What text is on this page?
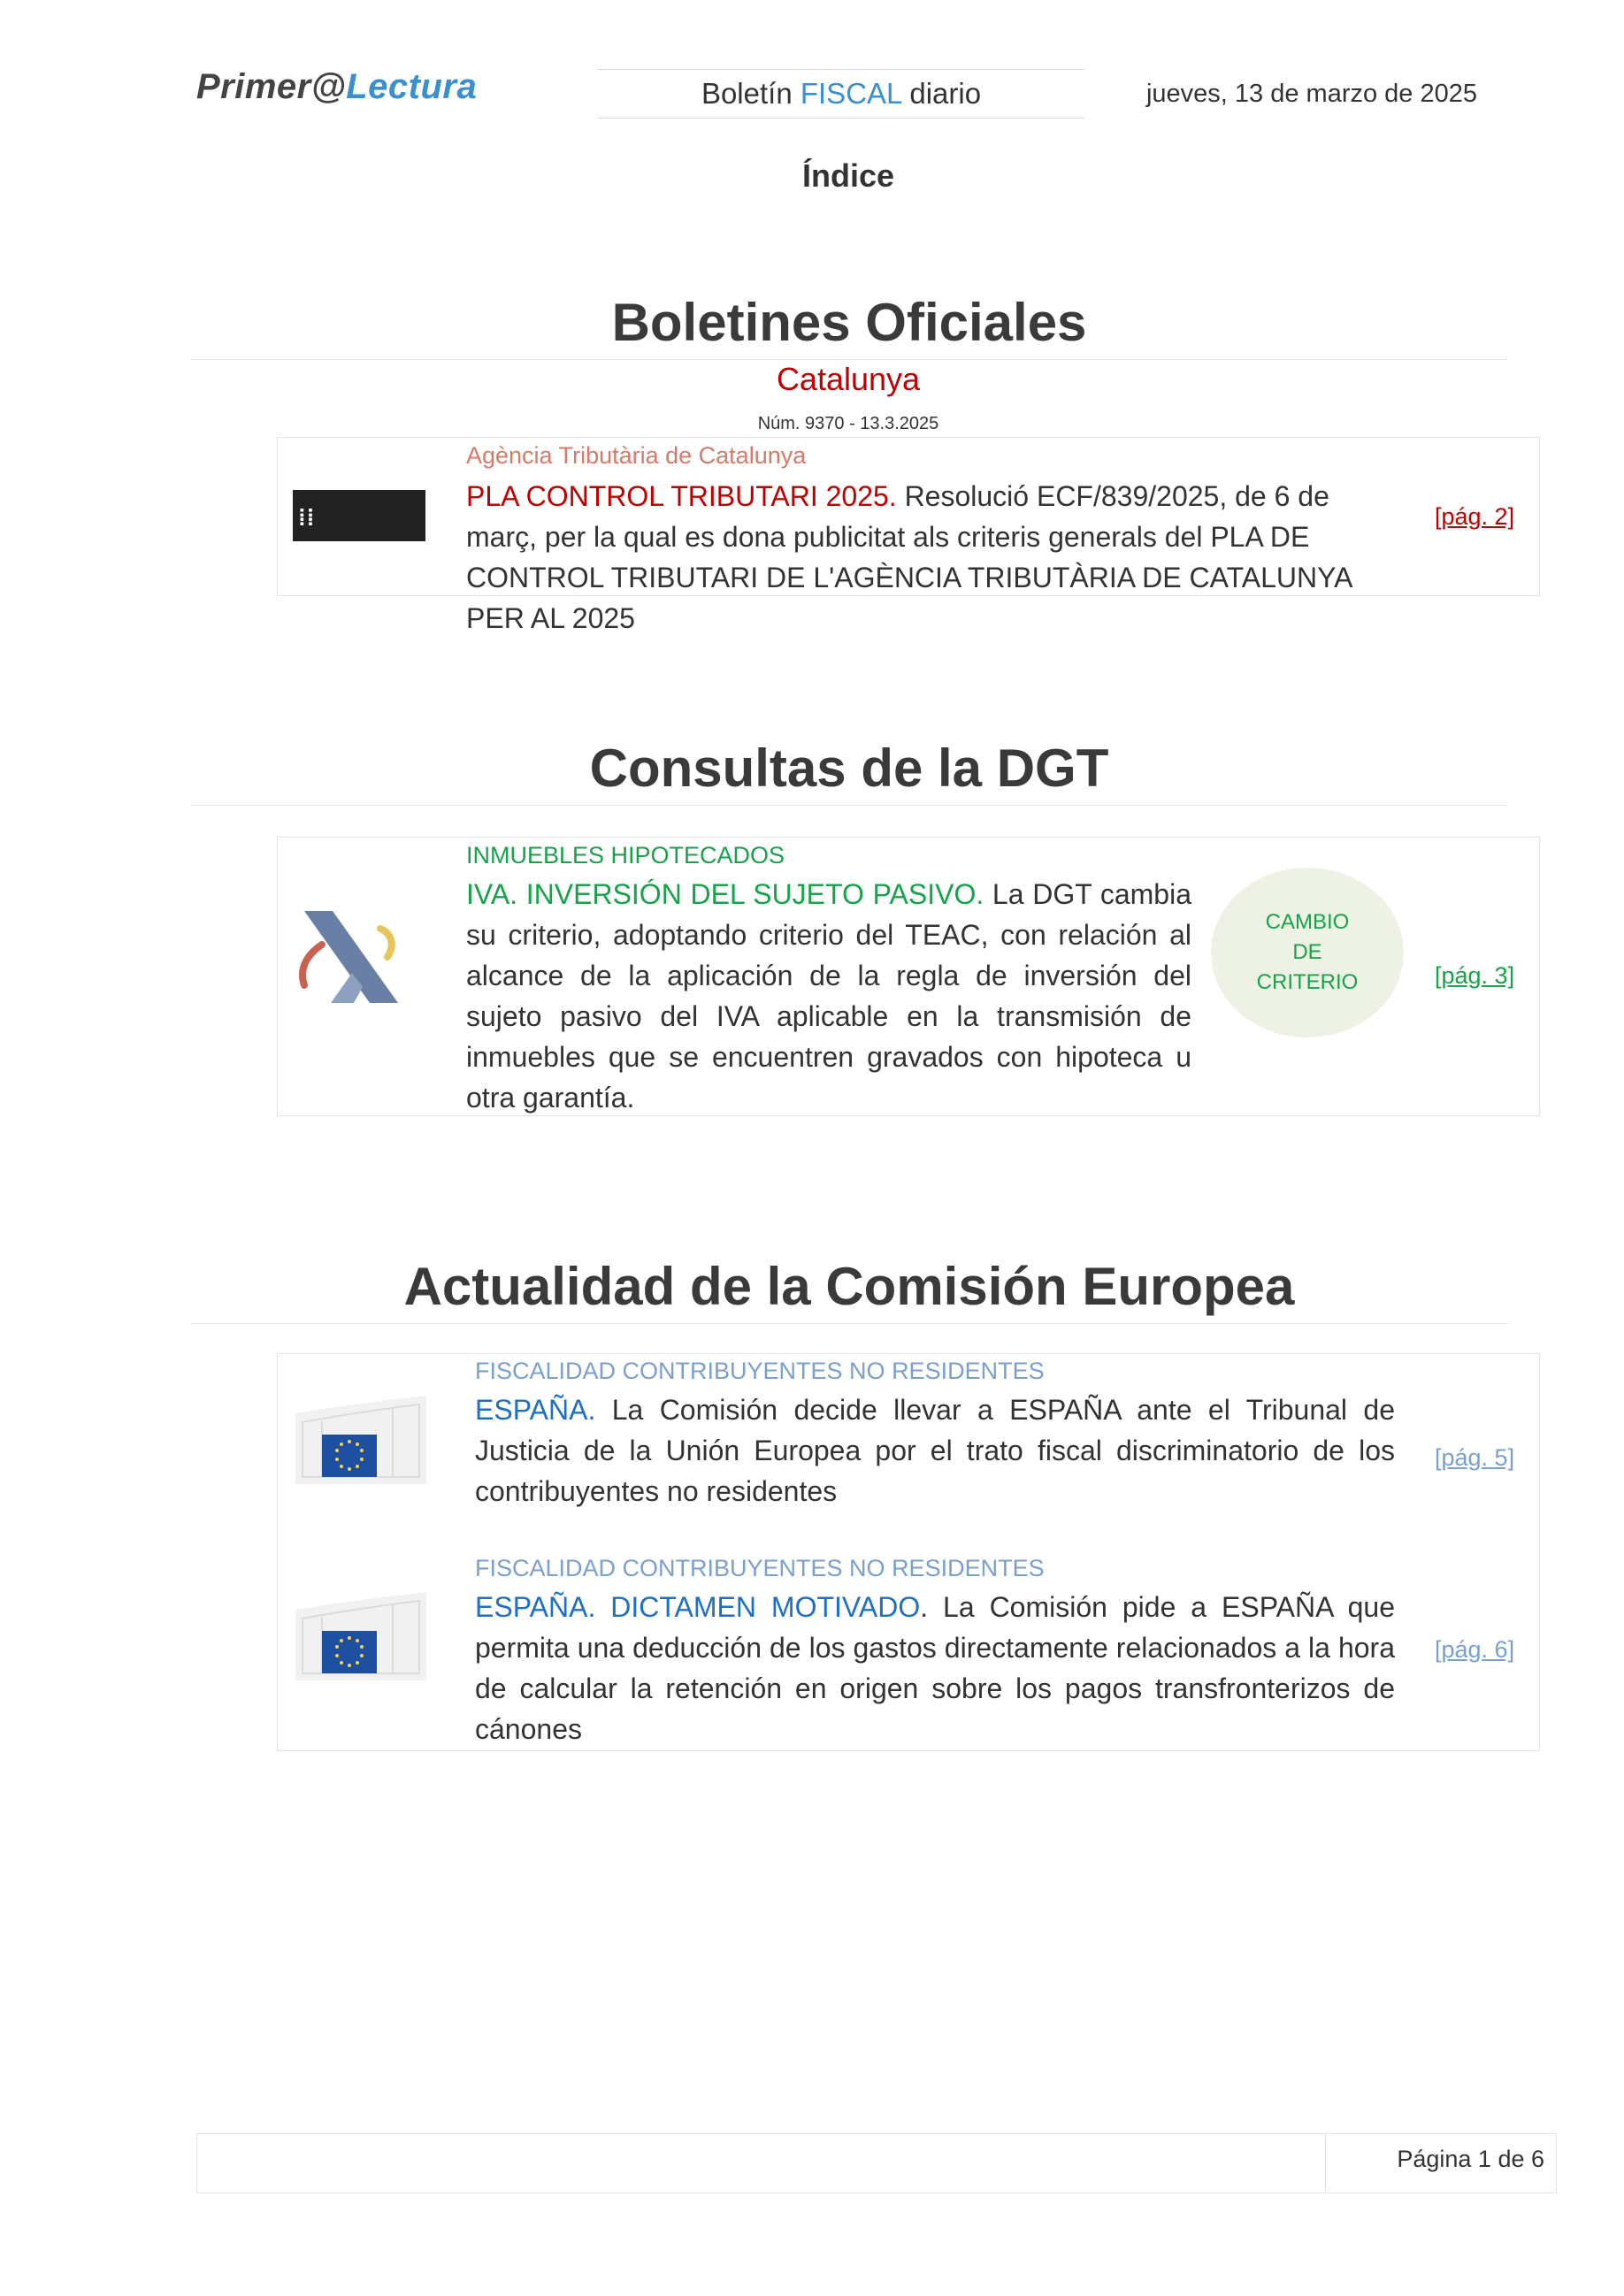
Primer@Lectura	Boletín FISCAL diario	jueves, 13 de marzo de 2025
Índice
Boletines Oficiales
Catalunya
Núm. 9370 - 13.3.2025
⁞⁞gencat
Agència Tributària de Catalunya
PLA CONTROL TRIBUTARI 2025. Resolució ECF/839/2025, de 6 de març, per la qual es dona publicitat als criteris generals del PLA DE CONTROL TRIBUTARI DE L'AGÈNCIA TRIBUTÀRIA DE CATALUNYA PER AL 2025
[pág. 2]
Consultas de la DGT
INMUEBLES HIPOTECADOS
IVA. INVERSIÓN DEL SUJETO PASIVO. La DGT cambia su criterio, adoptando criterio del TEAC, con relación al alcance de la aplicación de la regla de inversión del sujeto pasivo del IVA aplicable en la transmisión de inmuebles que se encuentren gravados con hipoteca u otra garantía.
CAMBIO
DE
CRITERIO	[pág. 3]
Actualidad de la Comisión Europea
FISCALIDAD CONTRIBUYENTES NO RESIDENTES
ESPAÑA. La Comisión decide llevar a ESPAÑA ante el Tribunal de Justicia de la Unión Europea por el trato fiscal discriminatorio de los contribuyentes no residentes
[pág. 5]
FISCALIDAD CONTRIBUYENTES NO RESIDENTES
ESPAÑA. DICTAMEN MOTIVADO. La Comisión pide a ESPAÑA que permita una deducción de los gastos directamente relacionados a la hora de calcular la retención en origen sobre los pagos transfronterizos de cánones
[pág. 6]
Página 1 de 6
